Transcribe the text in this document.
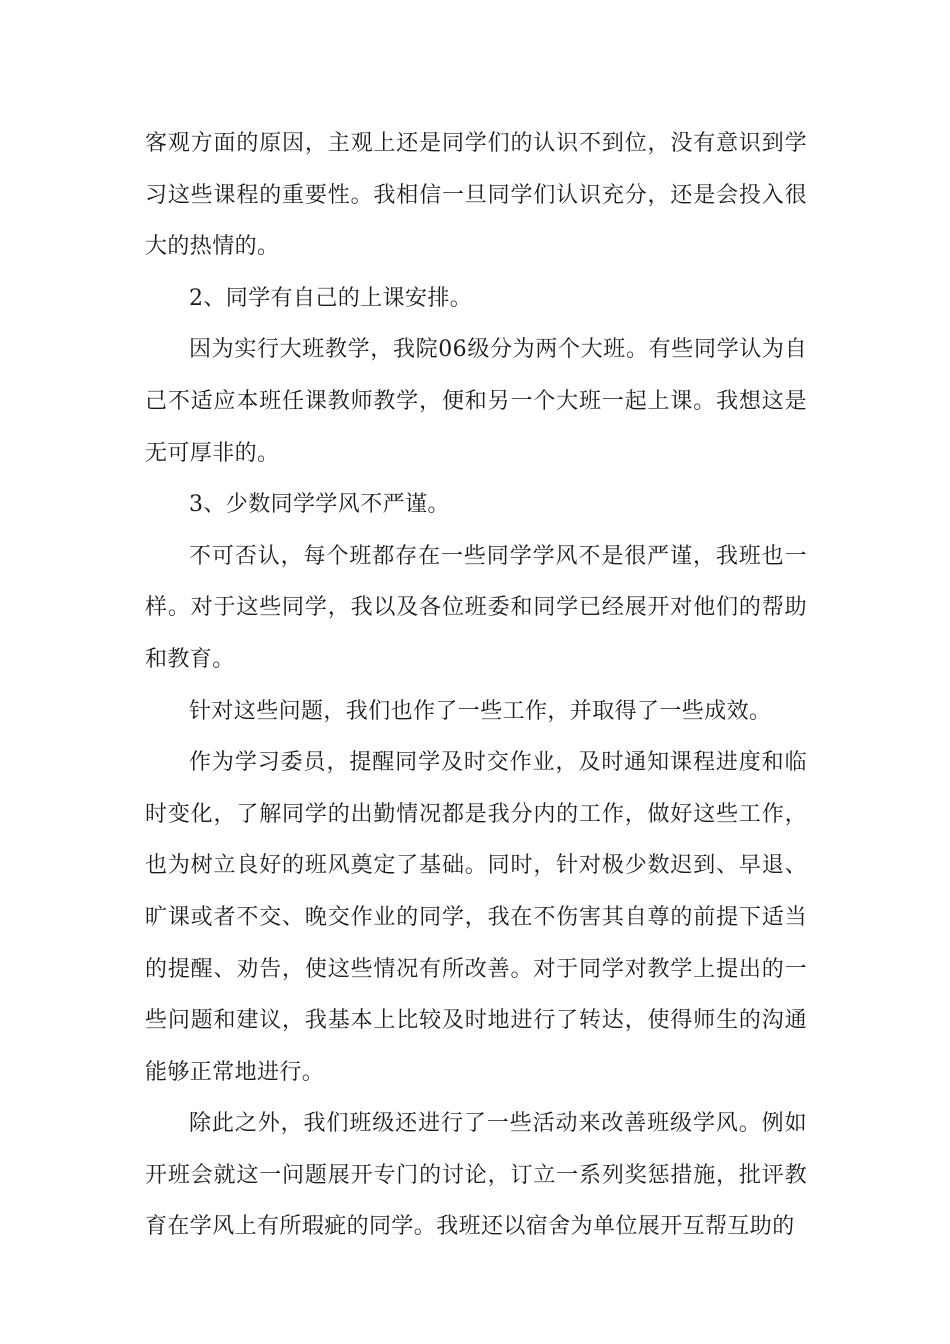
客观方面的原因，主观上还是同学们的认识不到位，没有意识到学习这些课程的重要性。我相信一旦同学们认识充分，还是会投入很大的热情的。

2、同学有自己的上课安排。

因为实行大班教学，我院06级分为两个大班。有些同学认为自己不适应本班任课教师教学，便和另一个大班一起上课。我想这是无可厚非的。

3、少数同学学风不严谨。

不可否认，每个班都存在一些同学学风不是很严谨，我班也一样。对于这些同学，我以及各位班委和同学已经展开对他们的帮助和教育。

针对这些问题，我们也作了一些工作，并取得了一些成效。

作为学习委员，提醒同学及时交作业，及时通知课程进度和临时变化，了解同学的出勤情况都是我分内的工作，做好这些工作，也为树立良好的班风奠定了基础。同时，针对极少数迟到、早退、旷课或者不交、晚交作业的同学，我在不伤害其自尊的前提下适当的提醒、劝告，使这些情况有所改善。对于同学对教学上提出的一些问题和建议，我基本上比较及时地进行了转达，使得师生的沟通能够正常地进行。

除此之外，我们班级还进行了一些活动来改善班级学风。例如开班会就这一问题展开专门的讨论，订立一系列奖惩措施，批评教育在学风上有所瑕疵的同学。我班还以宿舍为单位展开互帮互助的
